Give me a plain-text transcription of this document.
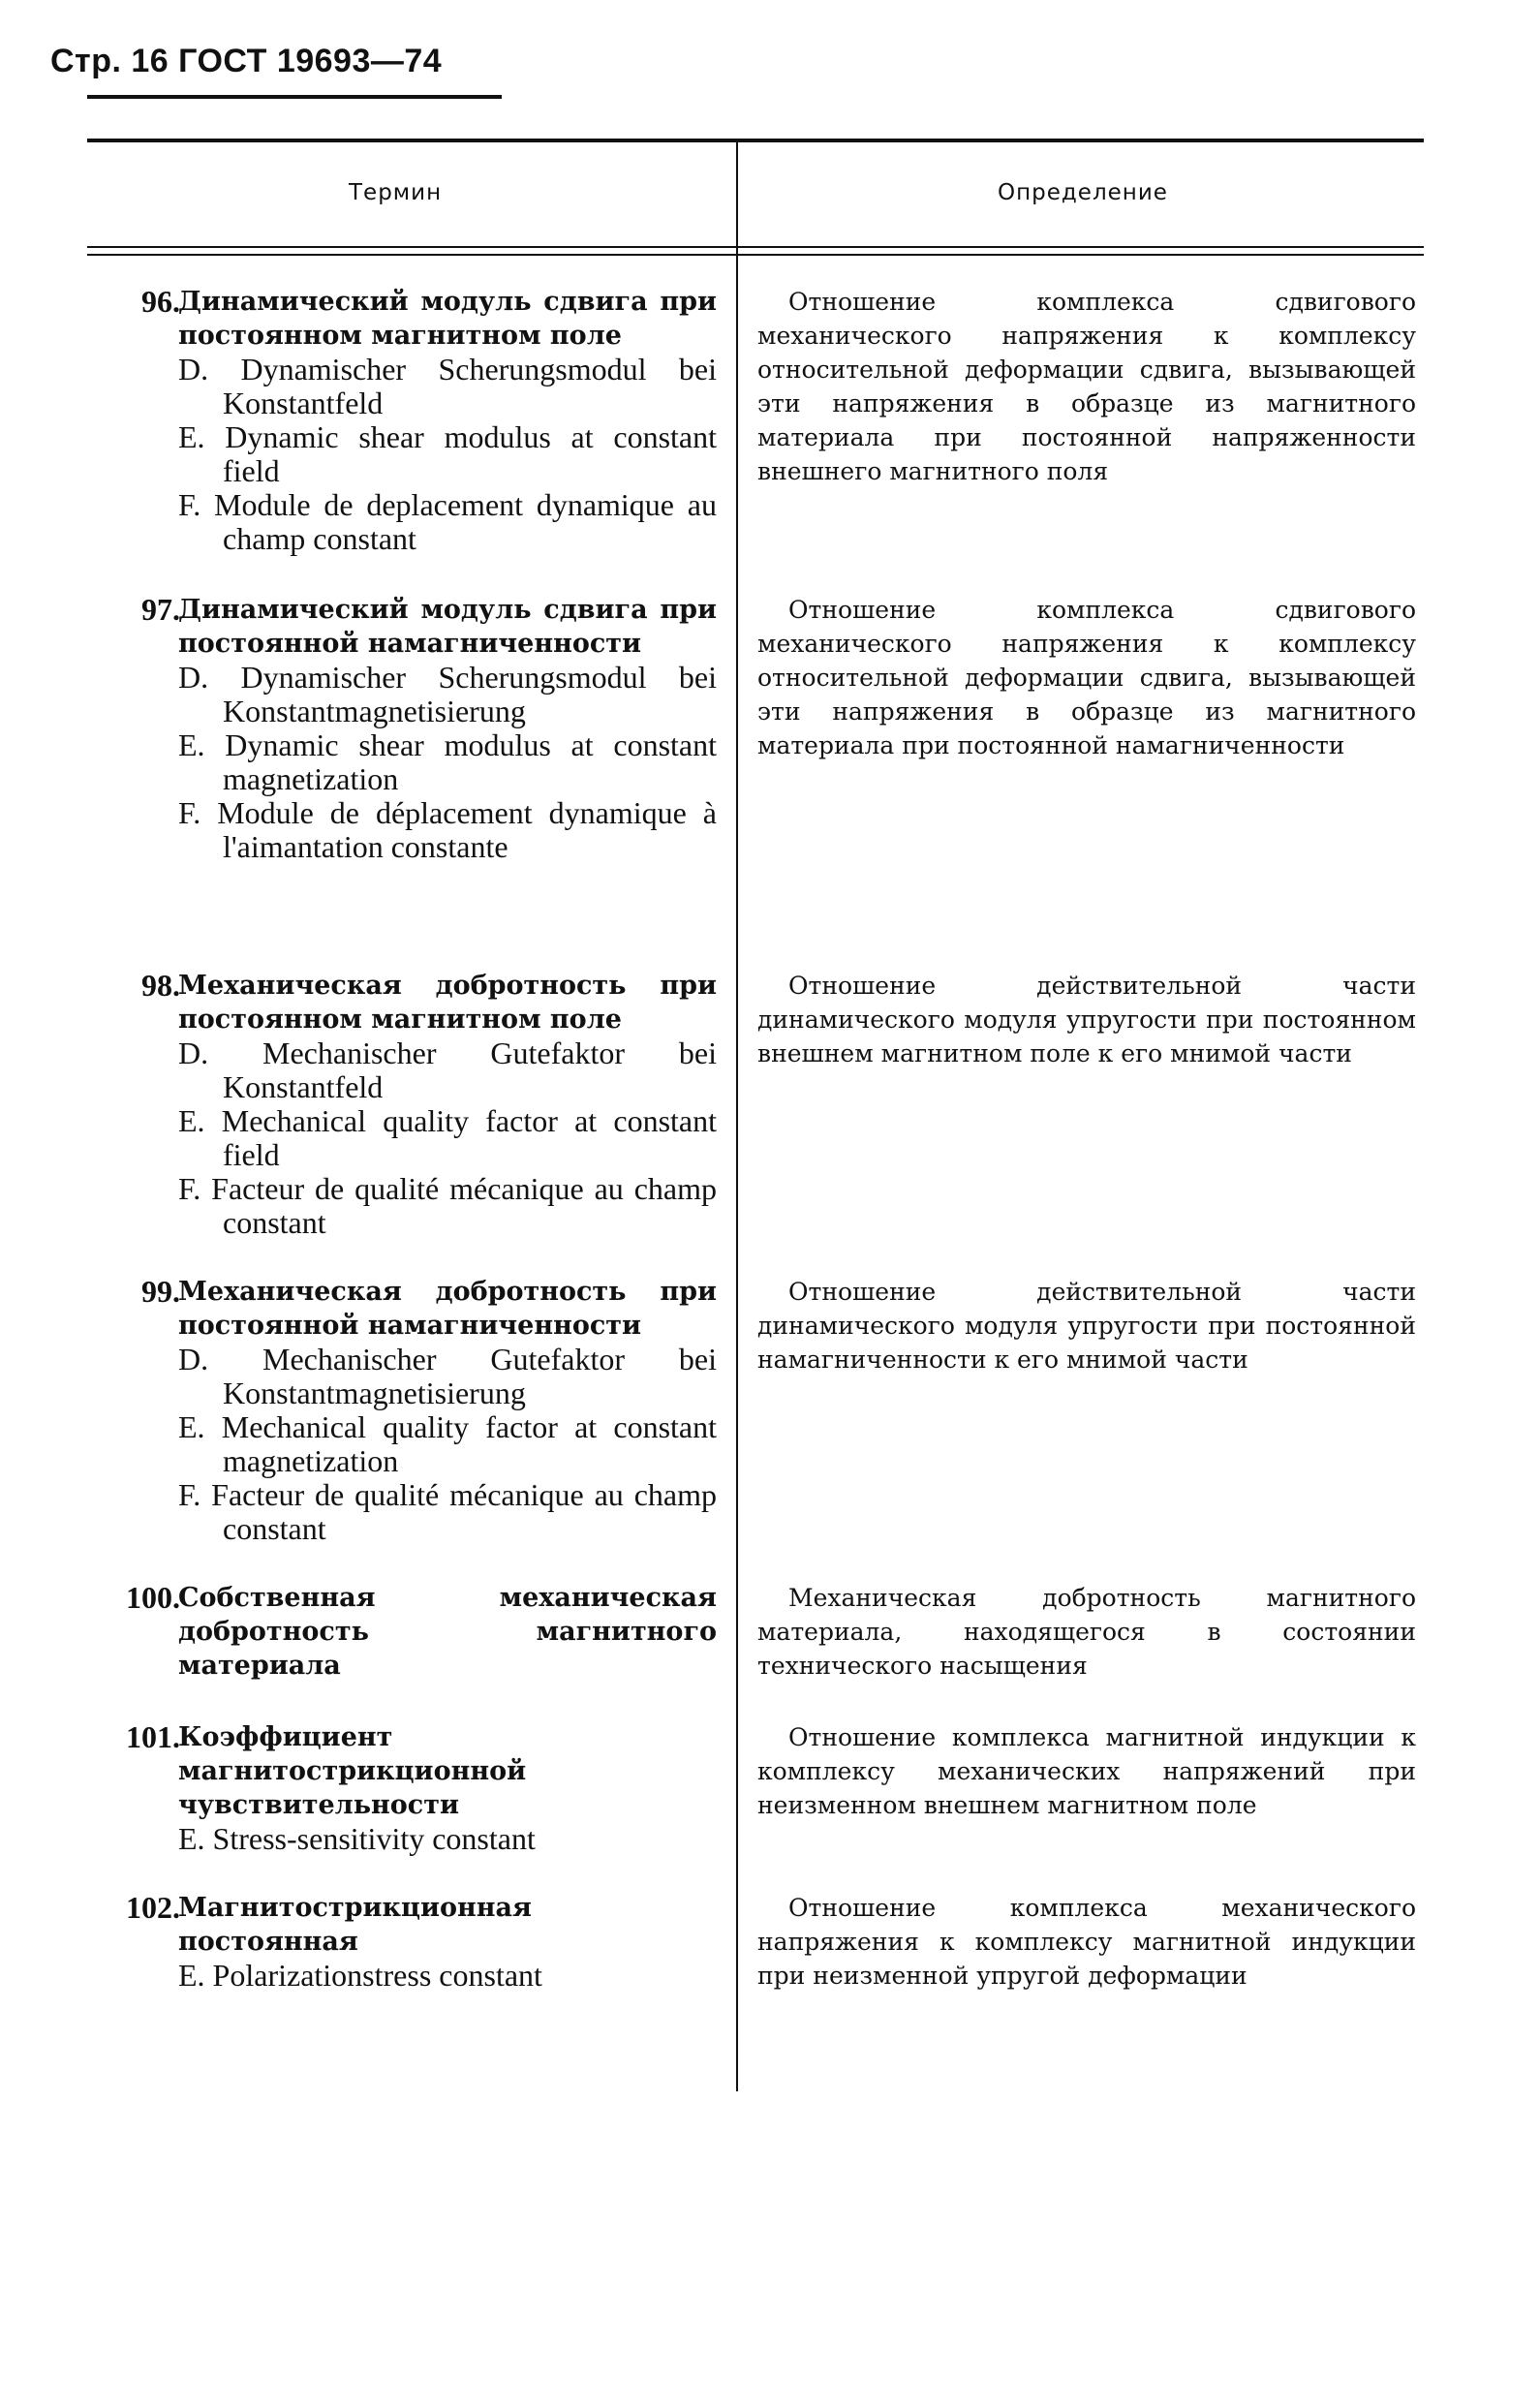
Стр. 16 ГОСТ 19693—74
Термин	Определение
96.
Динамический модуль сдвига при постоянном магнитном поле
D. Dynamischer Scherungsmodul bei Konstantfeld
E. Dynamic shear modulus at constant field
F. Module de deplacement dynamique au champ constant
Отношение комплекса сдвигового механического напряжения к комплексу относительной деформации сдвига, вызывающей эти напряжения в образце из магнитного материала при постоянной напряженности внешнего магнитного поля
97.
Динамический модуль сдвига при постоянной намагниченности
D. Dynamischer Scherungsmodul bei Konstantmagnetisierung
E. Dynamic shear modulus at constant magnetization
F. Module de déplacement dynamique à l'aimantation constante
Отношение комплекса сдвигового механического напряжения к комплексу относительной деформации сдвига, вызывающей эти напряжения в образце из магнитного материала при постоянной намагниченности
98.
Механическая добротность при постоянном магнитном поле
D. Mechanischer Gutefaktor bei Konstantfeld
E. Mechanical quality factor at constant field
F. Facteur de qualité mécanique au champ constant
Отношение действительной части динамического модуля упругости при постоянном внешнем магнитном поле к его мнимой части
99.
Механическая добротность при постоянной намагниченности
D. Mechanischer Gutefaktor bei Konstantmagnetisierung
E. Mechanical quality factor at constant magnetization
F. Facteur de qualité mécanique au champ constant
Отношение действительной части динамического модуля упругости при постоянной намагниченности к его мнимой части
100.
Собственная механическая добротность магнитного материала
Механическая добротность магнитного материала, находящегося в состоянии технического насыщения
101.
Коэффициент магнитострикционной чувствительности
E. Stress-sensitivity constant
Отношение комплекса магнитной индукции к комплексу механических напряжений при неизменном внешнем магнитном поле
102.
Магнитострикционная постоянная
E. Polarizationstress constant
Отношение комплекса механического напряжения к комплексу магнитной индукции при неизменной упругой деформации
